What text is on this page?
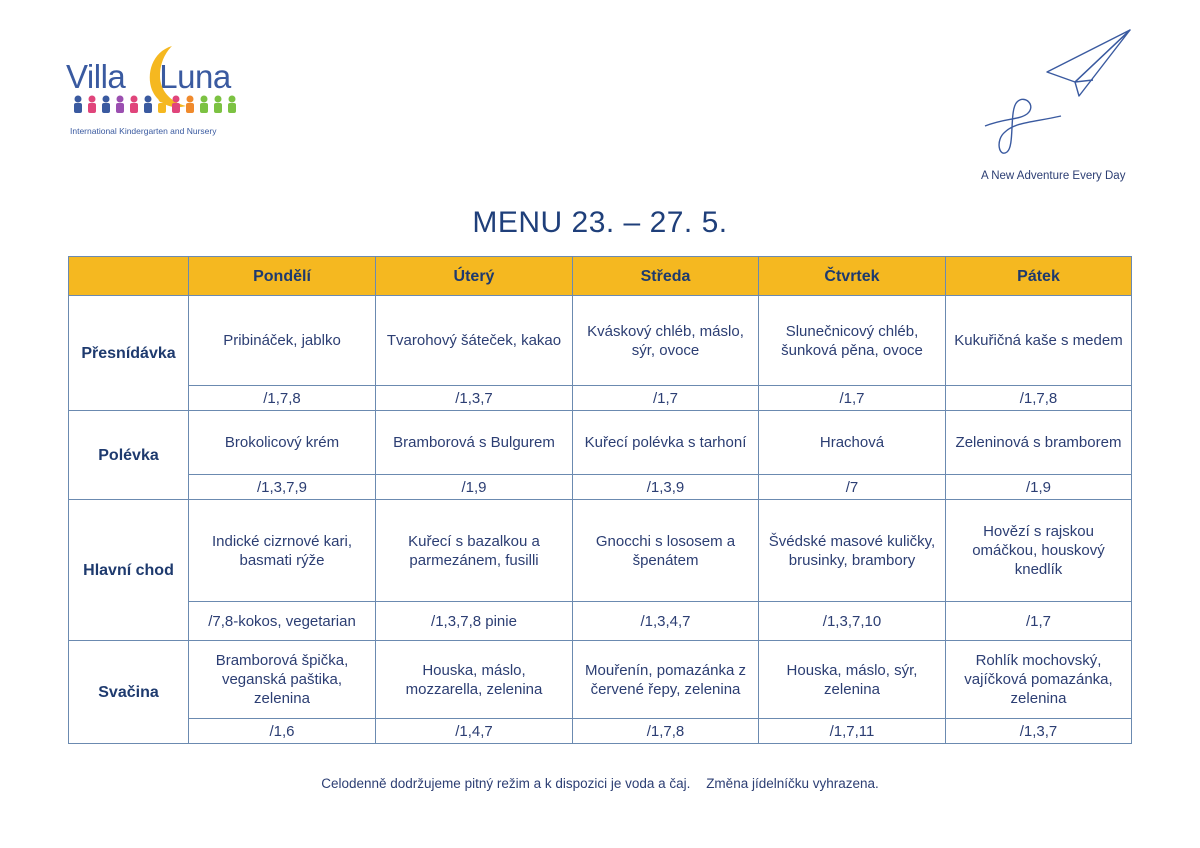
Villa Luna
International Kindergarten and Nursery
A New Adventure Every Day
MENU 23. – 27. 5.
	Pondělí	Úterý	Středa	Čtvrtek	Pátek
Přesnídávka	Pribináček, jablko	Tvarohový šáteček, kakao	Kváskový chléb, máslo, sýr, ovoce	Slunečnicový chléb, šunková pěna, ovoce	Kukuřičná kaše s medem
	/1,7,8	/1,3,7	/1,7	/1,7	/1,7,8
Polévka	Brokolicový krém	Bramborová s Bulgurem	Kuřecí polévka s tarhoní	Hrachová	Zeleninová s bramborem
	/1,3,7,9	/1,9	/1,3,9	/7	/1,9
Hlavní chod	Indické cizrnové kari, basmati rýže	Kuřecí s bazalkou a parmezánem, fusilli	Gnocchi s lososem a špenátem	Švédské masové kuličky, brusinky, brambory	Hovězí s rajskou omáčkou, houskový knedlík
	/7,8-kokos, vegetarian	/1,3,7,8 pinie	/1,3,4,7	/1,3,7,10	/1,7
Svačina	Bramborová špička, veganská paštika, zelenina	Houska, máslo, mozzarella, zelenina	Mouřenín, pomazánka z červené řepy, zelenina	Houska, máslo, sýr, zelenina	Rohlík mochovský, vajíčková pomazánka, zelenina
	/1,6	/1,4,7	/1,7,8	/1,7,11	/1,3,7
Celodenně dodržujeme pitný režim a k dispozici je voda a čaj. Změna jídelníčku vyhrazena.
